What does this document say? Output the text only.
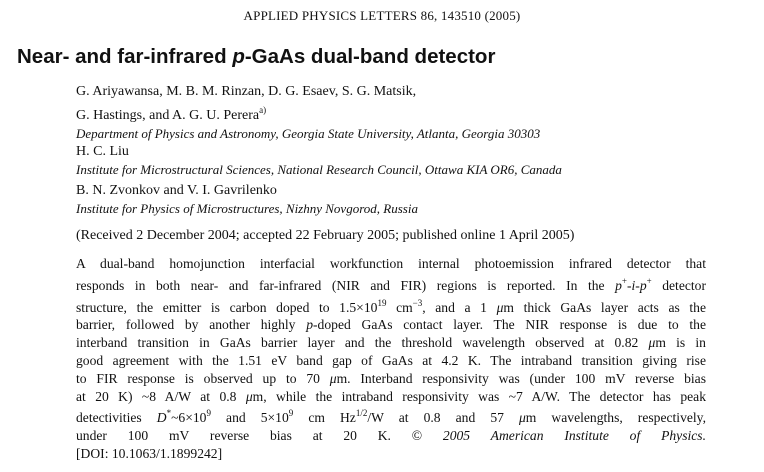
APPLIED PHYSICS LETTERS 86, 143510 (2005)
Near- and far-infrared p-GaAs dual-band detector
G. Ariyawansa, M. B. M. Rinzan, D. G. Esaev, S. G. Matsik,
G. Hastings, and A. G. U. Perera$^{a)}$
Department of Physics and Astronomy, Georgia State University, Atlanta, Georgia 30303
H. C. Liu
Institute for Microstructural Sciences, National Research Council, Ottawa KIA OR6, Canada
B. N. Zvonkov and V. I. Gavrilenko
Institute for Physics of Microstructures, Nizhny Novgorod, Russia
(Received 2 December 2004; accepted 22 February 2005; published online 1 April 2005)

A dual-band homojunction interfacial workfunction internal photoemission infrared detector that
responds in both near- and far-infrared (NIR and FIR) regions is reported. In the p+-i-p+ detector
structure, the emitter is carbon doped to $1.5\times 10^{19}$ $cm^{-3}$, and a 1 μm thick GaAs layer acts as the
barrier, followed by another highly p-doped GaAs contact layer. The NIR response is due to the
interband transition in GaAs barrier layer and the threshold wavelength observed at 0.82 μm is in
good agreement with the 1.51 eV band gap of GaAs at 4.2 K. The intraband transition giving rise
to FIR response is observed up to 70 μm. Interband responsivity was (under 100 mV reverse bias
at 20 K) ~8 A/W at 0.8 μm, while the intraband responsivity was ~7 A/W. The detector has peak
detectivities $D^*\sim 6\times 10^9$ and $5\times 10^9$ cm $Hz^{1/2}/W$ at 0.8 and 57 μm wavelengths, respectively,
under 100 mV reverse bias at 20 K. © 2005 American Institute of Physics.
[DOI: 10.1063/1.1899242]
